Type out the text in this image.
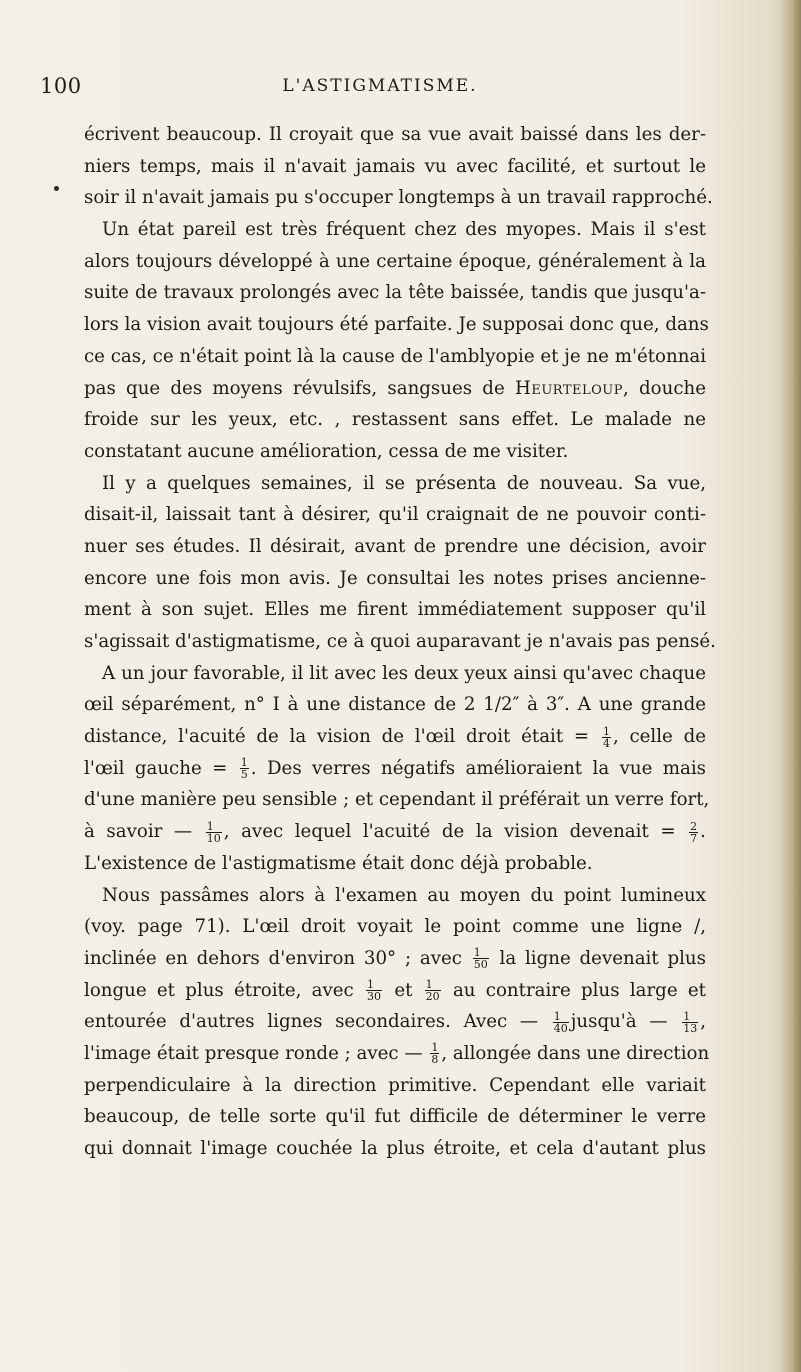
100	L'ASTIGMATISME.
écrivent beaucoup. Il croyait que sa vue avait baissé dans les der-
niers temps, mais il n'avait jamais vu avec facilité, et surtout le
soir il n'avait jamais pu s'occuper longtemps à un travail rapproché.
Un état pareil est très fréquent chez des myopes. Mais il s'est
alors toujours développé à une certaine époque, généralement à la
suite de travaux prolongés avec la tête baissée, tandis que jusqu'a-
lors la vision avait toujours été parfaite. Je supposai donc que, dans
ce cas, ce n'était point là la cause de l'amblyopie et je ne m'étonnai
pas que des moyens révulsifs, sangsues de Heurteloup, douche
froide sur les yeux, etc. , restassent sans effet. Le malade ne
constatant aucune amélioration, cessa de me visiter.
Il y a quelques semaines, il se présenta de nouveau. Sa vue,
disait-il, laissait tant à désirer, qu'il craignait de ne pouvoir conti-
nuer ses études. Il désirait, avant de prendre une décision, avoir
encore une fois mon avis. Je consultai les notes prises ancienne-
ment à son sujet. Elles me firent immédiatement supposer qu'il
s'agissait d'astigmatisme, ce à quoi auparavant je n'avais pas pensé.
A un jour favorable, il lit avec les deux yeux ainsi qu'avec chaque
œil séparément, n° I à une distance de 2 1/2″ à 3″. A une grande
distance, l'acuité de la vision de l'œil droit était = $\frac{1}{4}$ , celle de
l'œil gauche = $\frac{1}{5}$ . Des verres négatifs amélioraient la vue mais
d'une manière peu sensible ; et cependant il préférait un verre fort,
à savoir — $\frac{1}{10}$ , avec lequel l'acuité de la vision devenait = $\frac{2}{7}$ .
L'existence de l'astigmatisme était donc déjà probable.
Nous passâmes alors à l'examen au moyen du point lumineux
(voy. page 71). L'œil droit voyait le point comme une ligne /,
inclinée en dehors d'environ 30° ; avec $\frac{1}{50}$ la ligne devenait plus
longue et plus étroite, avec $\frac{1}{30}$ et $\frac{1}{20}$ au contraire plus large et
entourée d'autres lignes secondaires. Avec — $\frac{1}{40}$ jusqu'à — $\frac{1}{13}$ ,
l'image était presque ronde ; avec — $\frac{1}{8}$ , allongée dans une direction
perpendiculaire à la direction primitive. Cependant elle variait
beaucoup, de telle sorte qu'il fut difficile de déterminer le verre
qui donnait l'image couchée la plus étroite, et cela d'autant plus
